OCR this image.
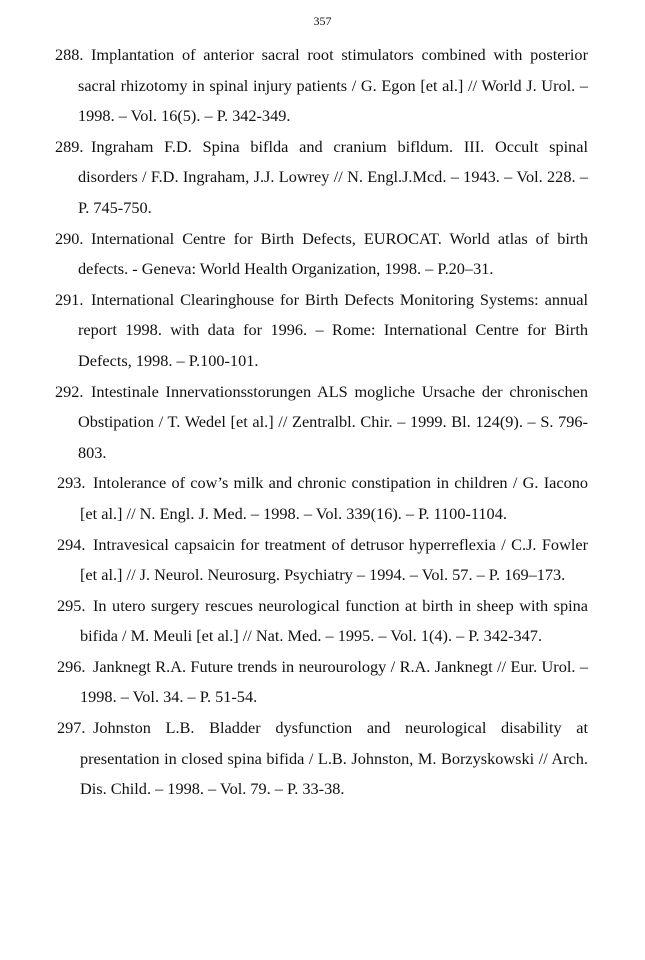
357
288. Implantation of anterior sacral root stimulators combined with posterior sacral rhizotomy in spinal injury patients / G. Egon [et al.] // World J. Urol. – 1998. – Vol. 16(5). – P. 342-349.
289. Ingraham F.D. Spina biflda and cranium bifldum. III. Occult spinal disorders / F.D. Ingraham, J.J. Lowrey // N. Engl.J.Mcd. – 1943. – Vol. 228. – P. 745-750.
290. International Centre for Birth Defects, EUROCAT. World atlas of birth defects. - Geneva: World Health Organization, 1998. – P.20–31.
291. International Clearinghouse for Birth Defects Monitoring Systems: annual report 1998. with data for 1996. – Rome: International Centre for Birth Defects, 1998. – P.100-101.
292. Intestinale Innervationsstorungen ALS mogliche Ursache der chronischen Obstipation / T. Wedel [et al.] // Zentralbl. Chir. – 1999. Bl. 124(9). – S. 796-803.
293. Intolerance of cow’s milk and chronic constipation in children / G. Iacono [et al.] // N. Engl. J. Med. – 1998. – Vol. 339(16). – P. 1100-1104.
294. Intravesical capsaicin for treatment of detrusor hyperreflexia / C.J. Fowler [et al.] // J. Neurol. Neurosurg. Psychiatry – 1994. – Vol. 57. – P. 169–173.
295. In utero surgery rescues neurological function at birth in sheep with spina bifida / M. Meuli [et al.] // Nat. Med. – 1995. – Vol. 1(4). – P. 342-347.
296. Janknegt R.A. Future trends in neurourology / R.A. Janknegt // Eur. Urol. – 1998. – Vol. 34. – P. 51-54.
297. Johnston L.B. Bladder dysfunction and neurological disability at presentation in closed spina bifida / L.B. Johnston, M. Borzyskowski // Arch. Dis. Child. – 1998. – Vol. 79. – P. 33-38.
